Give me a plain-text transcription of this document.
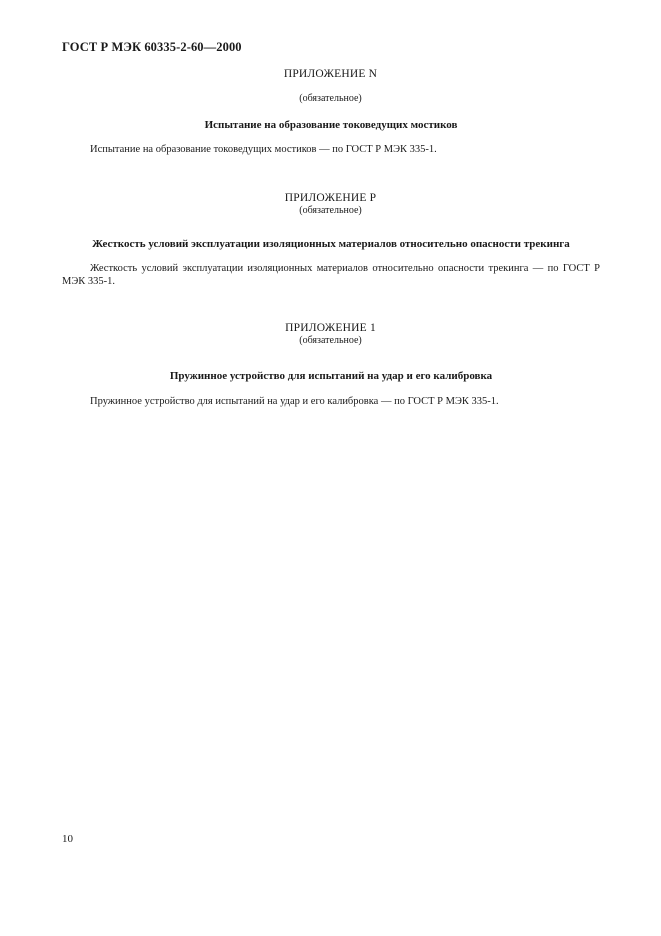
ГОСТ Р МЭК 60335-2-60—2000
ПРИЛОЖЕНИЕ N
(обязательное)
Испытание на образование токоведущих мостиков
Испытание на образование токоведущих мостиков — по ГОСТ Р МЭК 335-1.
ПРИЛОЖЕНИЕ Р
(обязательное)
Жесткость условий эксплуатации изоляционных материалов относительно опасности трекинга
Жесткость условий эксплуатации изоляционных материалов относительно опасности трекинга — по ГОСТ Р МЭК 335-1.
ПРИЛОЖЕНИЕ 1
(обязательное)
Пружинное устройство для испытаний на удар и его калибровка
Пружинное устройство для испытаний на удар и его калибровка — по ГОСТ Р МЭК 335-1.
10
